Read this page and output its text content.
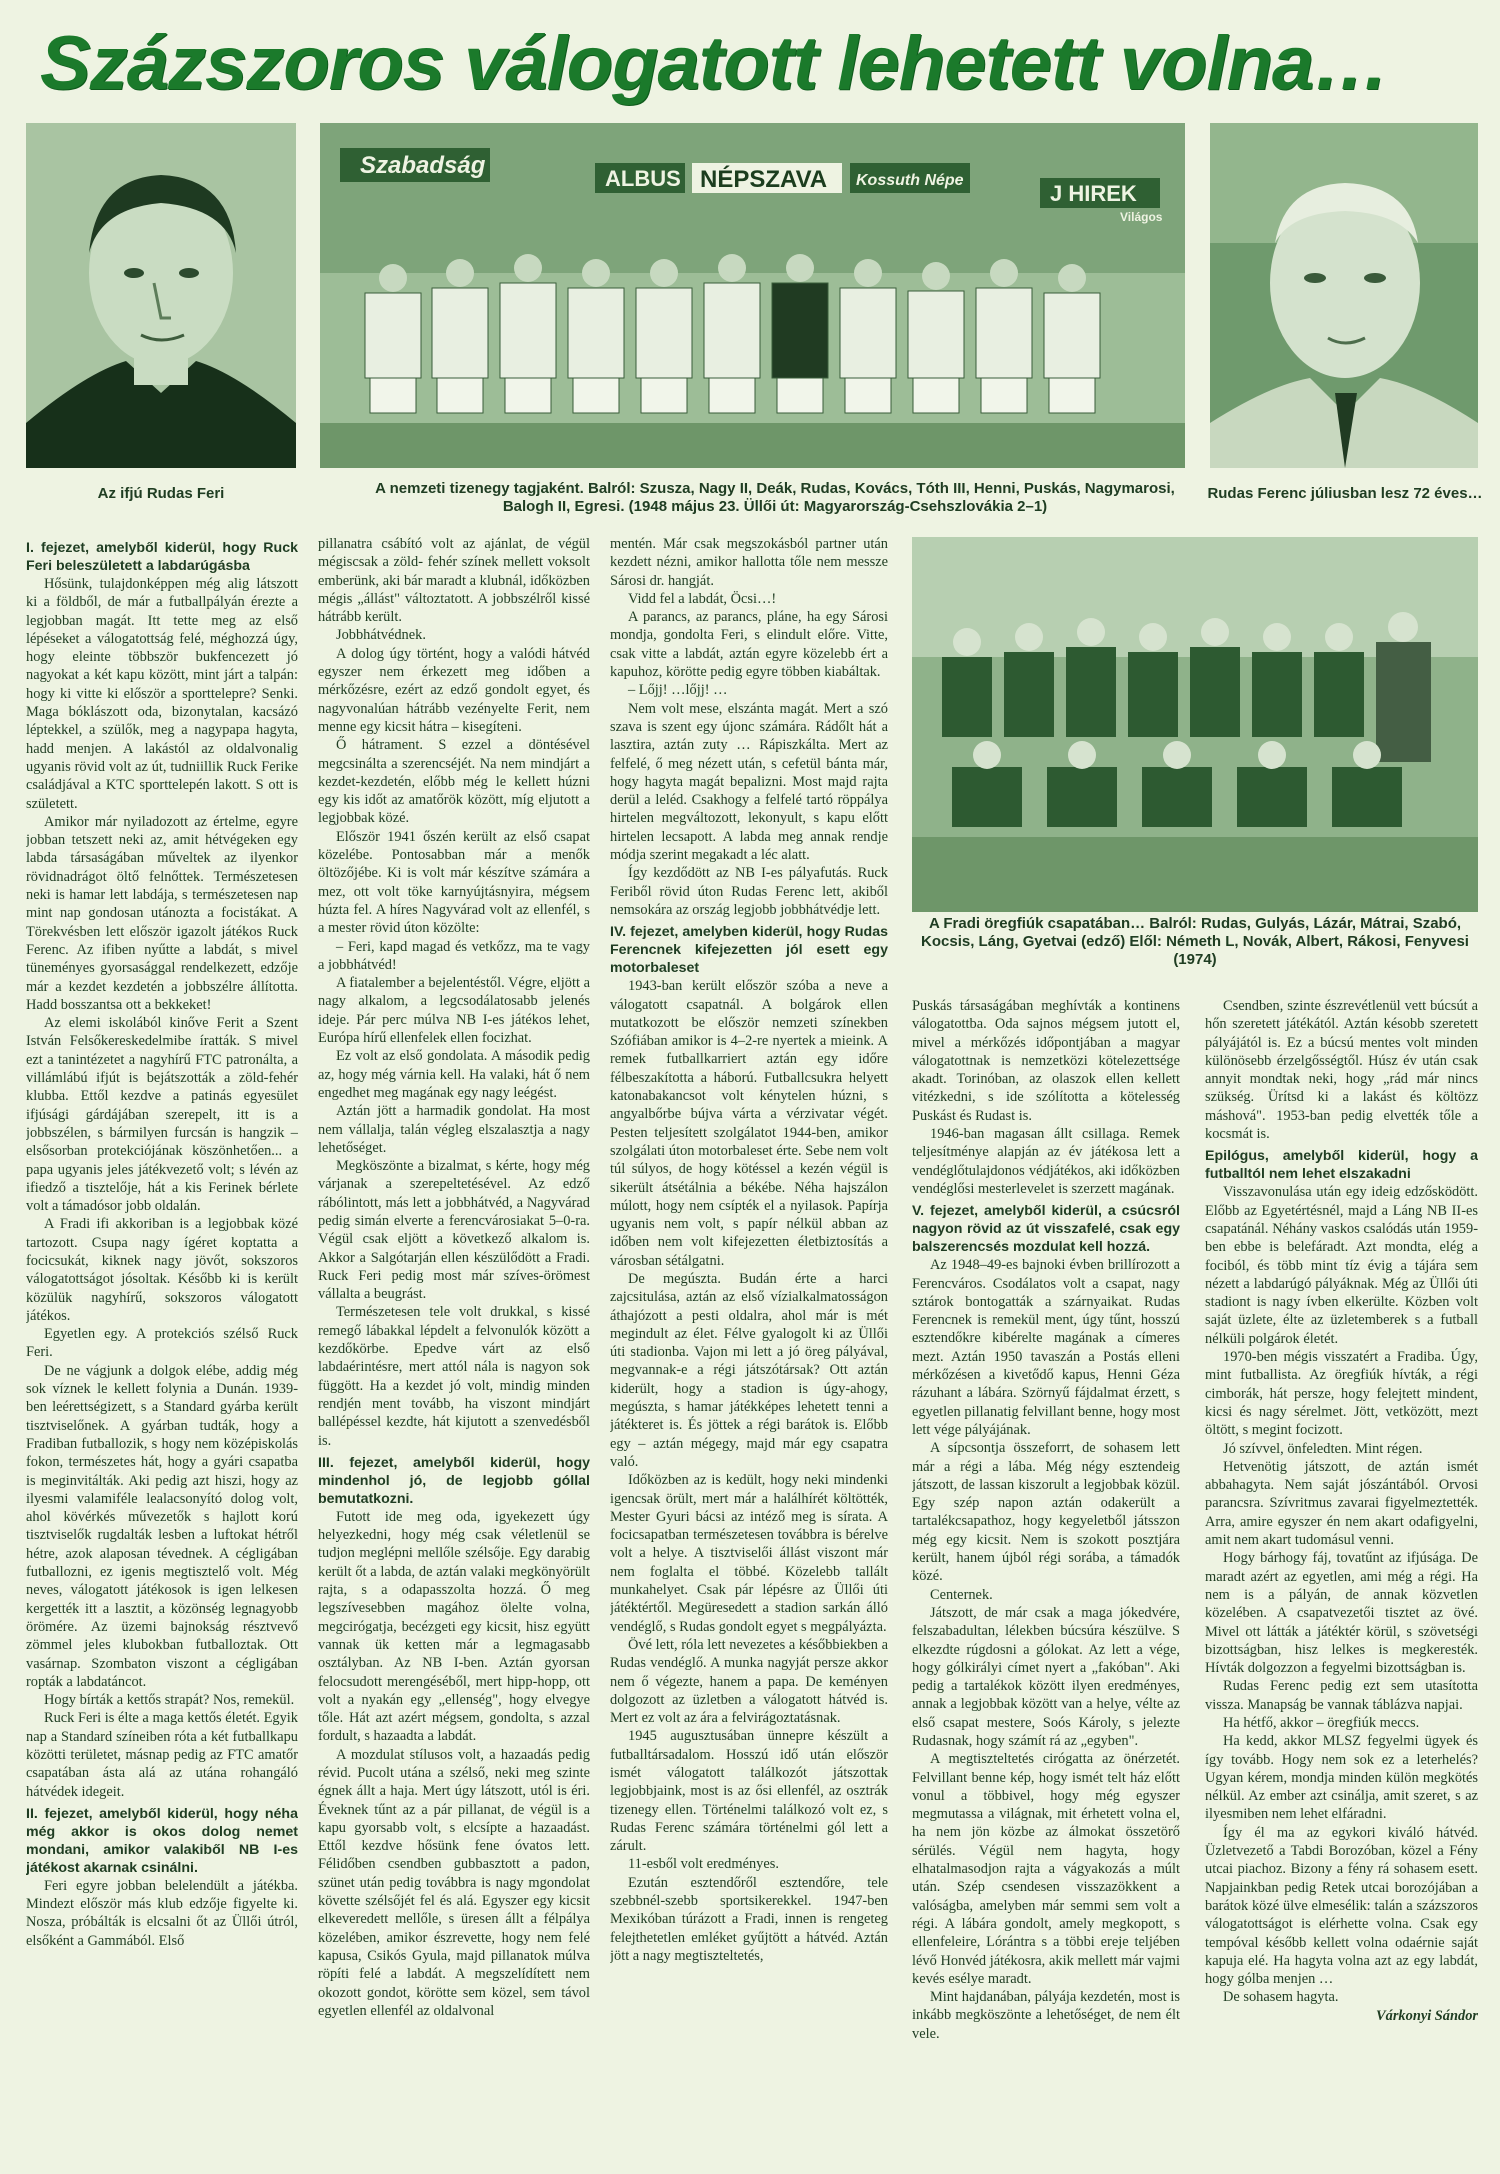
Százszoros válogatott lehetett volna…
Az ifjú Rudas Feri
Szabadság	ALBUS NÉPSZAVA Kossuth Népe
J HIREK
Világos
A nemzeti tizenegy tagjaként. Balról: Szusza, Nagy II, Deák, Rudas, Kovács, Tóth III, Henni, Puskás, Nagymarosi, Balogh II, Egresi. (1948 május 23. Üllői út: Magyarország-Csehszlovákia 2–1)
Rudas Ferenc júliusban lesz 72 éves…
A Fradi öregfiúk csapatában… Balról: Rudas, Gulyás, Lázár, Mátrai, Szabó, Kocsis, Láng, Gyetvai (edző) Elől: Németh L, Novák, Albert, Rákosi, Fenyvesi (1974)

I. fejezet, amelyből kiderül, hogy Ruck Feri beleszületett a labdarúgásba

Hősünk, tulajdonképpen még alig látszott ki a földből, de már a futballpályán érezte a legjobban magát. Itt tette meg az első lépéseket a válogatottság felé, méghozzá úgy, hogy eleinte többször bukfencezett jó nagyokat a két kapu között, mint járt a talpán: hogy ki vitte ki először a sporttelepre? Senki. Maga bóklászott oda, bizonytalan, kacsázó léptekkel, a szülők, meg a nagypapa hagyta, hadd menjen. A lakástól az oldalvonalig ugyanis rövid volt az út, tudniillik Ruck Ferike családjával a KTC sporttelepén lakott. S ott is született.

Amikor már nyiladozott az értelme, egyre jobban tetszett neki az, amit hétvégeken egy labda társaságában műveltek az ilyenkor rövidnadrágot öltő felnőttek. Természetesen neki is hamar lett labdája, s természetesen nap mint nap gondosan utánozta a focistákat. A Törekvésben lett először igazolt játékos Ruck Ferenc. Az ifiben nyűtte a labdát, s mivel tüneményes gyorsasággal rendelkezett, edzője már a kezdet kezdetén a jobbszélre állította. Hadd bosszantsa ott a bekkeket!

Az elemi iskolából kinőve Ferit a Szent István Felsőkereskedelmibe íratták. S mivel ezt a tanintézetet a nagyhírű FTC patronálta, a villámlábú ifjút is bejátszották a zöld-fehér klubba. Ettől kezdve a patinás egyesület ifjúsági gárdájában szerepelt, itt is a jobbszélen, s bármilyen furcsán is hangzik – elsősorban protekciójának köszönhetően... a papa ugyanis jeles játékvezető volt; s lévén az ifiedző a tisztelője, hát a kis Ferinek bérlete volt a támadósor jobb oldalán.

A Fradi ifi akkoriban is a legjobbak közé tartozott. Csupa nagy ígéret koptatta a focicsukát, kiknek nagy jövőt, sokszoros válogatottságot jósoltak. Később ki is került közülük nagyhírű, sokszoros válogatott játékos.

Egyetlen egy. A protekciós szélső Ruck Feri.

De ne vágjunk a dolgok elébe, addig még sok víznek le kellett folynia a Dunán. 1939-ben leérettségizett, s a Standard gyárba került tisztviselőnek. A gyárban tudták, hogy a Fradiban futballozik, s hogy nem középiskolás fokon, természetes hát, hogy a gyári csapatba is meginvitálták. Aki pedig azt hiszi, hogy az ilyesmi valamiféle lealacsonyító dolog volt, ahol kövérkés művezetők s hajlott korú tisztviselők rugdalták lesben a luftokat hétről hétre, azok alaposan tévednek. A cégligában futballozni, ez igenis megtisztelő volt. Még neves, válogatott játékosok is igen lelkesen kergették itt a lasztit, a közönség legnagyobb örömére. Az üzemi bajnokság résztvevő zömmel jeles klubokban futballoztak. Ott vasárnap. Szombaton viszont a cégligában ropták a labdatáncot.

Hogy bírták a kettős strapát? Nos, remekül.

Ruck Feri is élte a maga kettős életét. Egyik nap a Standard színeiben róta a két futballkapu közötti területet, másnap pedig az FTC amatőr csapatában ásta alá az utána rohangáló hátvédek idegeit.

II. fejezet, amelyből kiderül, hogy néha még akkor is okos dolog nemet mondani, amikor valakiből NB I-es játékost akarnak csinálni.

Feri egyre jobban belelendült a játékba. Mindezt először más klub edzője figyelte ki. Nosza, próbálták is elcsalni őt az Üllői útról, elsőként a Gammából. Első

pillanatra csábító volt az ajánlat, de végül mégiscsak a zöld- fehér színek mellett voksolt emberünk, aki bár maradt a klubnál, időközben mégis „állást" változtatott. A jobbszélről kissé hátrább került.

Jobbhátvédnek.

A dolog úgy történt, hogy a valódi hátvéd egyszer nem érkezett meg időben a mérkőzésre, ezért az edző gondolt egyet, és nagyvonalúan hátrább vezényelte Ferit, nem menne egy kicsit hátra – kisegíteni.

Ő hátrament. S ezzel a döntésével megcsinálta a szerencséjét. Na nem mindjárt a kezdet-kezdetén, előbb még le kellett húzni egy kis időt az amatőrök között, míg eljutott a legjobbak közé.

Először 1941 őszén került az első csapat közelébe. Pontosabban már a menők öltözőjébe. Ki is volt már készítve számára a mez, ott volt töke karnyújtásnyira, mégsem húzta fel. A híres Nagyvárad volt az ellenfél, s a mester rövid úton közölte:

– Feri, kapd magad és vetkőzz, ma te vagy a jobbhátvéd!

A fiatalember a bejelentéstől. Végre, eljött a nagy alkalom, a legcsodálatosabb jelenés ideje. Pár perc múlva NB I-es játékos lehet, Európa hírű ellenfelek ellen focizhat.

Ez volt az első gondolata. A második pedig az, hogy még várnia kell. Ha valaki, hát ő nem engedhet meg magának egy nagy leégést.

Aztán jött a harmadik gondolat. Ha most nem vállalja, talán végleg elszalasztja a nagy lehetőséget.

Megköszönte a bizalmat, s kérte, hogy még várjanak a szerepeltetésével. Az edző rábólintott, más lett a jobbhátvéd, a Nagyvárad pedig simán elverte a ferencvárosiakat 5–0-ra. Végül csak eljött a következő alkalom is. Akkor a Salgótarján ellen készülődött a Fradi. Ruck Feri pedig most már szíves-örömest vállalta a beugrást.

Természetesen tele volt drukkal, s kissé remegő lábakkal lépdelt a felvonulók között a kezdőkörbe. Epedve várt az első labdaérintésre, mert attól nála is nagyon sok függött. Ha a kezdet jó volt, mindig minden rendjén ment tovább, ha viszont mindjárt ballépéssel kezdte, hát kijutott a szenvedésből is.

III. fejezet, amelyből kiderül, hogy mindenhol jó, de legjobb góllal bemutatkozni.

Futott ide meg oda, igyekezett úgy helyezkedni, hogy még csak véletlenül se tudjon meglépni mellőle szélsője. Egy darabig került őt a labda, de aztán valaki megkönyörült rajta, s a odapasszolta hozzá. Ő meg legszívesebben magához ölelte volna, megcirógatja, becézgeti egy kicsit, hisz együtt vannak ük ketten már a legmagasabb osztályban. Az NB I-ben. Aztán gyorsan felocsudott merengéséből, mert hipp-hopp, ott volt a nyakán egy „ellenség", hogy elvegye tőle. Hát azt azért mégsem, gondolta, s azzal fordult, s hazaadta a labdát.

A mozdulat stílusos volt, a hazaadás pedig révid. Pucolt utána a szélső, neki meg szinte égnek állt a haja. Mert úgy látszott, utól is éri. Éveknek tűnt az a pár pillanat, de végül is a kapu gyorsabb volt, s elcsípte a hazaadást. Ettől kezdve hősünk fene óvatos lett. Félidőben csendben gubbasztott a padon, szünet után pedig továbbra is nagy mgondolat követte szélsőjét fel és alá. Egyszer egy kicsit elkeveredett mellőle, s üresen állt a félpálya közelében, amikor észrevette, hogy nem felé kapusa, Csikós Gyula, majd pillanatok múlva röpíti felé a labdát. A megszelídített nem okozott gondot, körötte sem közel, sem távol egyetlen ellenfél az oldalvonal

mentén. Már csak megszokásból partner után kezdett nézni, amikor hallotta tőle nem messze Sárosi dr. hangját.

Vidd fel a labdát, Öcsi…!

A parancs, az parancs, pláne, ha egy Sárosi mondja, gondolta Feri, s elindult előre. Vitte, csak vitte a labdát, aztán egyre közelebb ért a kapuhoz, körötte pedig egyre többen kiabáltak.

– Lőjj! …lőjj! …

Nem volt mese, elszánta magát. Mert a szó szava is szent egy újonc számára. Rádőlt hát a lasztira, aztán zuty … Rápiszkálta. Mert az felfelé, ő meg nézett után, s cefetül bánta már, hogy hagyta magát bepalizni. Most majd rajta derül a leléd. Csakhogy a felfelé tartó röppálya hirtelen megváltozott, lekonyult, s kapu előtt hirtelen lecsapott. A labda meg annak rendje módja szerint megakadt a léc alatt.

Így kezdődött az NB I-es pályafutás. Ruck Feriből rövid úton Rudas Ferenc lett, akiből nemsokára az ország legjobb jobbhátvédje lett.

IV. fejezet, amelyben kiderül, hogy Rudas Ferencnek kifejezetten jól esett egy motorbaleset

1943-ban került először szóba a neve a válogatott csapatnál. A bolgárok ellen mutatkozott be először nemzeti színekben Szófiában amikor is 4–2-re nyertek a mieink. A remek futballkarriert aztán egy időre félbeszakította a háború. Futballcsukra helyett katonabakancsot volt kénytelen húzni, s angyalbőrbe bújva várta a vérzivatar végét. Pesten teljesített szolgálatot 1944-ben, amikor szolgálati úton motorbaleset érte. Sebe nem volt túl súlyos, de hogy kötéssel a kezén végül is sikerült átsétálnia a békébe. Néha hajszálon múlott, hogy nem csípték el a nyilasok. Papírja ugyanis nem volt, s papír nélkül abban az időben nem volt kifejezetten életbiztosítás a városban sétálgatni.

De megúszta. Budán érte a harci zajcsitulása, aztán az első vízialkalmatosságon áthajózott a pesti oldalra, ahol már is mét megindult az élet. Félve gyalogolt ki az Üllői úti stadionba. Vajon mi lett a jó öreg pályával, megvannak-e a régi játszótársak? Ott aztán kiderült, hogy a stadion is úgy-ahogy, megúszta, s hamar játékképes lehetett tenni a játékteret is. És jöttek a régi barátok is. Előbb egy – aztán mégegy, majd már egy csapatra való.

Időközben az is kedült, hogy neki mindenki igencsak örült, mert már a halálhírét költötték, Mester Gyuri bácsi az intéző meg is sírata. A focicsapatban természetesen továbbra is bérelve volt a helye. A tisztviselői állást viszont már nem foglalta el többé. Közelebb tallált munkahelyet. Csak pár lépésre az Üllői úti játéktértől. Megüresedett a stadion sarkán álló vendéglő, s Rudas gondolt egyet s megpályázta.

Övé lett, róla lett nevezetes a későbbiekben a Rudas vendéglő. A munka nagyját persze akkor nem ő végezte, hanem a papa. De keményen dolgozott az üzletben a válogatott hátvéd is. Mert ez volt az ára a felvirágoztatásnak.

1945 augusztusában ünnepre készült a futballtársadalom. Hosszú idő után először ismét válogatott találkozót játszottak legjobbjaink, most is az ősi ellenfél, az osztrák tizenegy ellen. Történelmi találkozó volt ez, s Rudas Ferenc számára történelmi gól lett a zárult.

11-esből volt eredményes.

Ezután esztendőről esztendőre, tele szebbnél-szebb sportsikerekkel. 1947-ben Mexikóban túrázott a Fradi, innen is rengeteg felejthetetlen emléket gyűjtött a hátvéd. Aztán jött a nagy megtiszteltetés,

Puskás társaságában meghívták a kontinens válogatottba. Oda sajnos mégsem jutott el, mivel a mérkőzés időpontjában a magyar válogatottnak is nemzetközi kötelezettsége akadt. Torinóban, az olaszok ellen kellett vitézkedni, s ide szólította a kötelesség Puskást és Rudast is.

1946-ban magasan állt csillaga. Remek teljesítménye alapján az év játékosa lett a vendéglőtulajdonos védjátékos, aki időközben vendéglősi mesterlevelet is szerzett magának.

V. fejezet, amelyből kiderül, a csúcsról nagyon rövid az út visszafelé, csak egy balszerencsés mozdulat kell hozzá.

Az 1948–49-es bajnoki évben brillírozott a Ferencváros. Csodálatos volt a csapat, nagy sztárok bontogatták a szárnyaikat. Rudas Ferencnek is remekül ment, úgy tűnt, hosszú esztendőkre kibérelte magának a címeres mezt. Aztán 1950 tavaszán a Postás elleni mérkőzésen a kivetődő kapus, Henni Géza rázuhant a lábára. Szörnyű fájdalmat érzett, s egyetlen pillanatig felvillant benne, hogy most lett vége pályájának.

A sípcsontja összeforrt, de sohasem lett már a régi a lába. Még négy esztendeig játszott, de lassan kiszorult a legjobbak közül. Egy szép napon aztán odakerült a tartalékcsapathoz, hogy kegyeletből játsszon még egy kicsit. Nem is szokott posztjára került, hanem újból régi sorába, a támadók közé.

Centernek.

Játszott, de már csak a maga jókedvére, felszabadultan, lélekben búcsúra készülve. S elkezdte rúgdosni a gólokat. Az lett a vége, hogy gólkirályi címet nyert a „fakóban". Aki pedig a tartalékok között ilyen eredményes, annak a legjobbak között van a helye, vélte az első csapat mestere, Soós Károly, s jelezte Rudasnak, hogy számít rá az „egyben".

A megtiszteltetés cirógatta az önérzetét. Felvillant benne kép, hogy ismét telt ház előtt vonul a többivel, hogy még egyszer megmutassa a világnak, mit érhetett volna el, ha nem jön közbe az álmokat összetörő sérülés. Végül nem hagyta, hogy elhatalmasodjon rajta a vágyakozás a múlt után. Szép csendesen visszazökkent a valóságba, amelyben már semmi sem volt a régi. A lábára gondolt, amely megkopott, s ellenfeleire, Lórántra s a többi ereje teljében lévő Honvéd játékosra, akik mellett már vajmi kevés esélye maradt.

Mint hajdanában, pályája kezdetén, most is inkább megköszönte a lehetőséget, de nem élt vele.

Csendben, szinte észrevétlenül vett búcsút a hőn szeretett játékától. Aztán késobb szeretett pályájától is. Ez a búcsú mentes volt minden különösebb érzelgősségtől. Húsz év után csak annyit mondtak neki, hogy „rád már nincs szükség. Ürítsd ki a lakást és költözz máshová". 1953-ban pedig elvették tőle a kocsmát is.

Epilógus, amelyből kiderül, hogy a futballtól nem lehet elszakadni

Visszavonulása után egy ideig edzősködött. Előbb az Egyetértésnél, majd a Láng NB II-es csapatánál. Néhány vaskos csalódás után 1959-ben ebbe is belefáradt. Azt mondta, elég a fociból, és több mint tíz évig a tájára sem nézett a labdarúgó pályáknak. Még az Üllői úti stadiont is nagy ívben elkerülte. Közben volt saját üzlete, élte az üzletemberek s a futball nélküli polgárok életét.

1970-ben mégis visszatért a Fradiba. Úgy, mint futballista. Az öregfiúk hívták, a régi cimborák, hát persze, hogy felejtett mindent, kicsi és nagy sérelmet. Jött, vetközött, mezt öltött, s megint focizott.

Jó szívvel, önfeledten. Mint régen.

Hetvenötig játszott, de aztán ismét abbahagyta. Nem saját jószántából. Orvosi parancsra. Szívritmus zavarai figyelmeztették. Arra, amire egyszer én nem akart odafigyelni, amit nem akart tudomásul venni.

Hogy bárhogy fáj, tovatűnt az ifjúsága. De maradt azért az egyetlen, ami még a régi. Ha nem is a pályán, de annak közvetlen közelében. A csapatvezetői tisztet az övé. Mivel ott látták a játéktér körül, s szövetségi bizottságban, hisz lelkes is megkeresték. Hívták dolgozzon a fegyelmi bizottságban is.

Rudas Ferenc pedig ezt sem utasította vissza. Manapság be vannak táblázva napjai.

Ha hétfő, akkor – öregfiúk meccs.

Ha kedd, akkor MLSZ fegyelmi ügyek és így tovább. Hogy nem sok ez a leterhelés? Ugyan kérem, mondja minden külön megkötés nélkül. Az ember azt csinálja, amit szeret, s az ilyesmiben nem lehet elfáradni.

Így él ma az egykori kiváló hátvéd. Üzletvezető a Tabdi Borozóban, közel a Fény utcai piachoz. Bizony a fény rá sohasem esett. Napjainkban pedig Retek utcai borozójában a barátok közé ülve elmesélik: talán a százszoros válogatottságot is elérhette volna. Csak egy tempóval később kellett volna odaérnie saját kapuja elé. Ha hagyta volna azt az egy labdát, hogy gólba menjen …

De sohasem hagyta.

Várkonyi Sándor
